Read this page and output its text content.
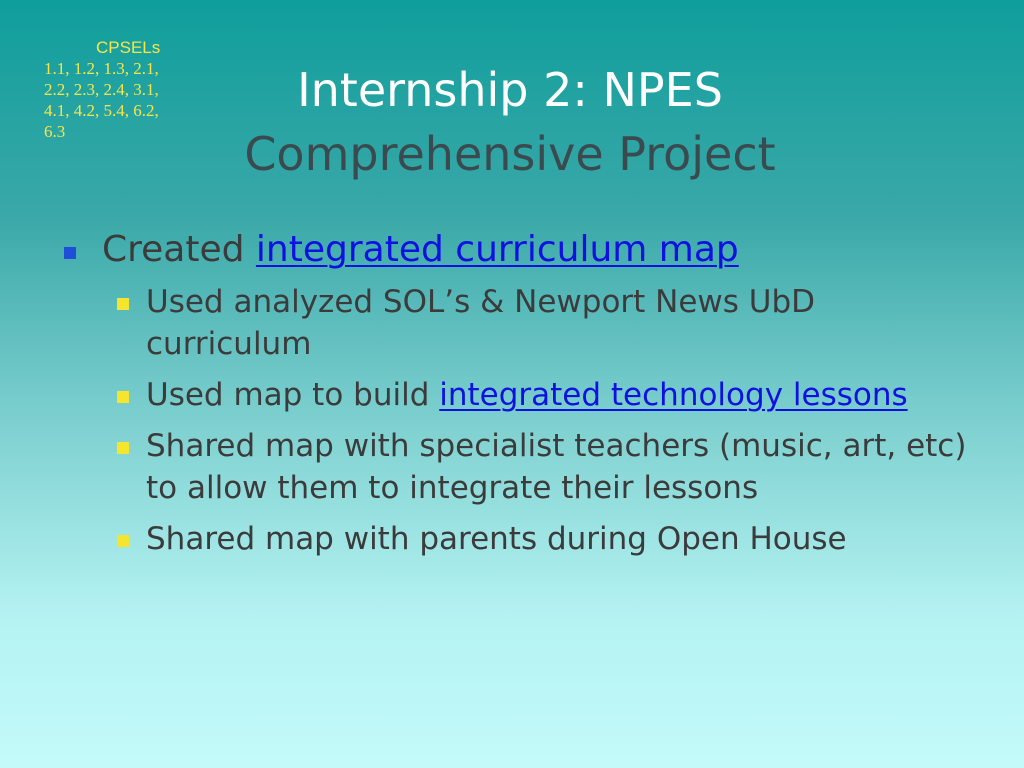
CPSELs
1.1, 1.2, 1.3, 2.1,
2.2, 2.3, 2.4, 3.1,
4.1, 4.2, 5.4, 6.2,
6.3
Internship 2: NPES
Comprehensive Project
Created integrated curriculum map
Used analyzed SOL’s & Newport News UbD curriculum
Used map to build integrated technology lessons
Shared map with specialist teachers (music, art, etc) to allow them to integrate their lessons
Shared map with parents during Open House
